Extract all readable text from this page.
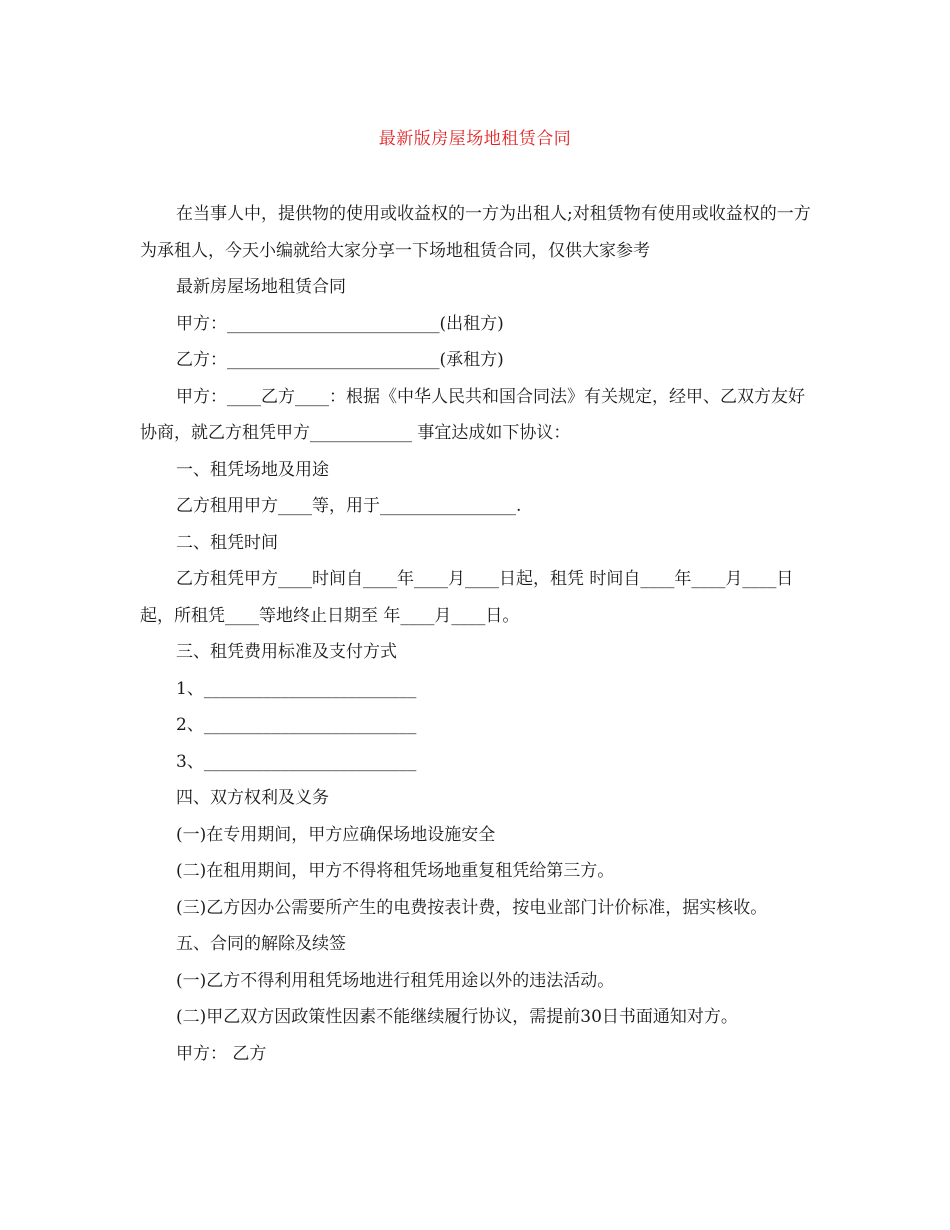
最新版房屋场地租赁合同

在当事人中，提供物的使用或收益权的一方为出租人;对租赁物有使用或收益权的一方为承租人，今天小编就给大家分享一下场地租赁合同，仅供大家参考

最新房屋场地租赁合同

甲方：_________________________(出租方)

乙方：_________________________(承租方)

甲方：____乙方____：根据《中华人民共和国合同法》有关规定，经甲、乙双方友好协商，就乙方租凭甲方____________ 事宜达成如下协议：

一、租凭场地及用途

乙方租用甲方____等，用于________________.

二、租凭时间

乙方租凭甲方____时间自____年____月____日起，租凭 时间自____年____月____日起，所租凭____等地终止日期至 年____月____日。

三、租凭费用标准及支付方式

1、_________________________

2、_________________________

3、_________________________

四、双方权利及义务

(一)在专用期间，甲方应确保场地设施安全

(二)在租用期间，甲方不得将租凭场地重复租凭给第三方。

(三)乙方因办公需要所产生的电费按表计费，按电业部门计价标准，据实核收。

五、合同的解除及续签

(一)乙方不得利用租凭场地进行租凭用途以外的违法活动。

(二)甲乙双方因政策性因素不能继续履行协议，需提前30日书面通知对方。

甲方： 乙方
